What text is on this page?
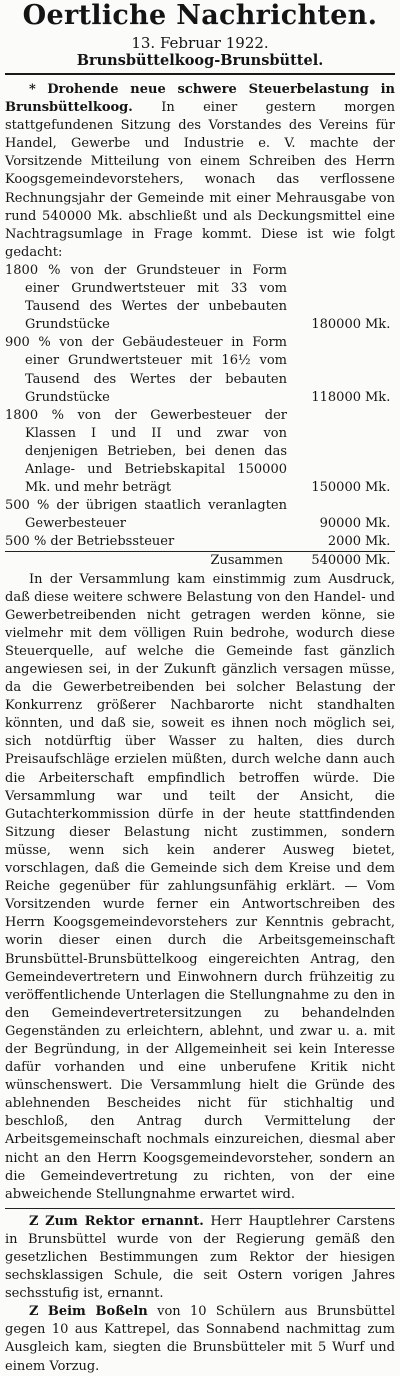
Oertliche Nachrichten.
13. Februar 1922.
Brunsbüttelkoog-Brunsbüttel.

* Drohende neue schwere Steuerbelastung in Brunsbüttelkoog. In einer gestern morgen stattgefundenen Sitzung des Vorstandes des Vereins für Handel, Gewerbe und Industrie e. V. machte der Vorsitzende Mitteilung von einem Schreiben des Herrn Koogsgemeindevorstehers, wonach das verflossene Rechnungsjahr der Gemeinde mit einer Mehrausgabe von rund 540000 Mk. abschließt und als Deckungsmittel eine Nachtragsumlage in Frage kommt. Diese ist wie folgt gedacht:

1800 % von der Grundsteuer in Form einer Grundwertsteuer mit 33 vom Tausend des Wertes der unbebauten Grundstücke	180000	Mk.
900 % von der Gebäudesteuer in Form einer Grundwertsteuer mit 16½ vom Tausend des Wertes der bebauten Grundstücke	118000	Mk.
1800 % von der Gewerbesteuer der Klassen I und II und zwar von denjenigen Betrieben, bei denen das Anlage- und Betriebskapital 150000 Mk. und mehr beträgt	150000	Mk.
500 % der übrigen staatlich veranlagten Gewerbesteuer	90000	Mk.
500 % der Betriebssteuer	2000	Mk.
Zusammen	540000	Mk.

In der Versammlung kam einstimmig zum Ausdruck, daß diese weitere schwere Belastung von den Handel- und Gewerbetreibenden nicht getragen werden könne, sie vielmehr mit dem völligen Ruin bedrohe, wodurch diese Steuerquelle, auf welche die Gemeinde fast gänzlich angewiesen sei, in der Zukunft gänzlich versagen müsse, da die Gewerbetreibenden bei solcher Belastung der Konkurrenz größerer Nachbarorte nicht standhalten könnten, und daß sie, soweit es ihnen noch möglich sei, sich notdürftig über Wasser zu halten, dies durch Preisaufschläge erzielen müßten, durch welche dann auch die Arbeiterschaft empfindlich betroffen würde. Die Versammlung war und teilt der Ansicht, die Gutachterkommission dürfe in der heute stattfindenden Sitzung dieser Belastung nicht zustimmen, sondern müsse, wenn sich kein anderer Ausweg bietet, vorschlagen, daß die Gemeinde sich dem Kreise und dem Reiche gegenüber für zahlungsunfähig erklärt. — Vom Vorsitzenden wurde ferner ein Antwortschreiben des Herrn Koogsgemeindevorstehers zur Kenntnis gebracht, worin dieser einen durch die Arbeitsgemeinschaft Brunsbüttel-Brunsbüttelkoog eingereichten Antrag, den Gemeindevertretern und Einwohnern durch frühzeitig zu veröffentlichende Unterlagen die Stellungnahme zu den in den Gemeindevertretersitzungen zu behandelnden Gegenständen zu erleichtern, ablehnt, und zwar u. a. mit der Begründung, in der Allgemeinheit sei kein Interesse dafür vorhanden und eine unberufene Kritik nicht wünschenswert. Die Versammlung hielt die Gründe des ablehnenden Bescheides nicht für stichhaltig und beschloß, den Antrag durch Vermittelung der Arbeitsgemeinschaft nochmals einzureichen, diesmal aber nicht an den Herrn Koogsgemeindevorsteher, sondern an die Gemeindevertretung zu richten, von der eine abweichende Stellungnahme erwartet wird.

Z Zum Rektor ernannt. Herr Hauptlehrer Carstens in Brunsbüttel wurde von der Regierung gemäß den gesetzlichen Bestimmungen zum Rektor der hiesigen sechsklassigen Schule, die seit Ostern vorigen Jahres sechsstufig ist, ernannt.

Z Beim Boßeln von 10 Schülern aus Brunsbüttel gegen 10 aus Kattrepel, das Sonnabend nachmittag zum Ausgleich kam, siegten die Brunsbütteler mit 5 Wurf und einem Vorzug.
